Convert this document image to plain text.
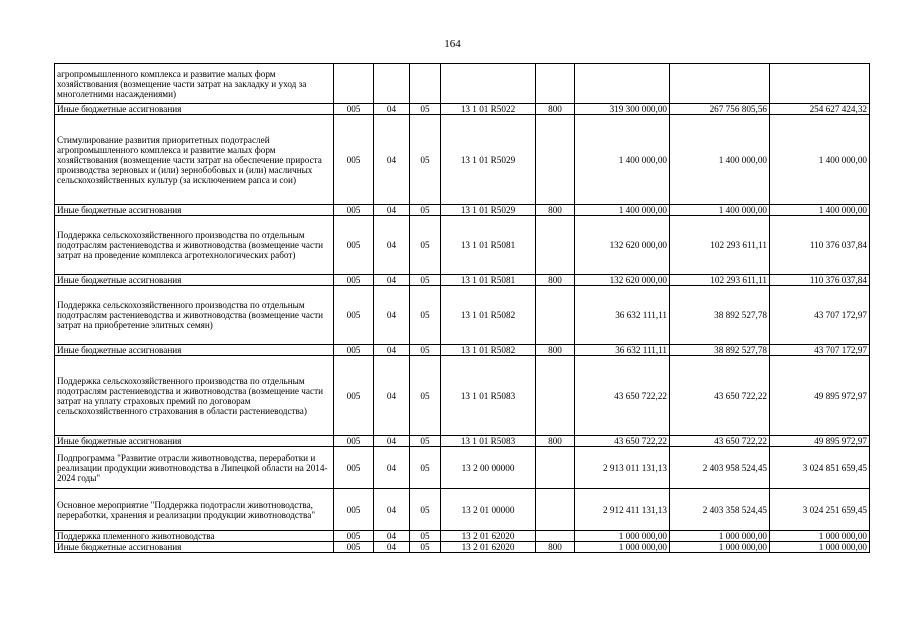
164
агропромышленного комплекса и развитие малых форм хозяйствования (возмещение части затрат на закладку и уход за многолетними насаждениями)								
Иные бюджетные ассигнования	005	04	05	13 1 01 R5022	800	319 300 000,00	267 756 805,56	254 627 424,32
Стимулирование развития приоритетных подотраслей агропромышленного комплекса и развитие малых форм хозяйствования (возмещение части затрат на обеспечение прироста производства зерновых и (или) зернобобовых и (или) масличных сельскохозяйственных культур (за исключением рапса и сои)	005	04	05	13 1 01 R5029		1 400 000,00	1 400 000,00	1 400 000,00
Иные бюджетные ассигнования	005	04	05	13 1 01 R5029	800	1 400 000,00	1 400 000,00	1 400 000,00
Поддержка сельскохозяйственного производства по отдельным подотраслям растениеводства и животноводства (возмещение части затрат на проведение комплекса агротехнологических работ)	005	04	05	13 1 01 R5081		132 620 000,00	102 293 611,11	110 376 037,84
Иные бюджетные ассигнования	005	04	05	13 1 01 R5081	800	132 620 000,00	102 293 611,11	110 376 037,84
Поддержка сельскохозяйственного производства по отдельным подотраслям растениеводства и животноводства (возмещение части затрат на приобретение элитных семян)	005	04	05	13 1 01 R5082		36 632 111,11	38 892 527,78	43 707 172,97
Иные бюджетные ассигнования	005	04	05	13 1 01 R5082	800	36 632 111,11	38 892 527,78	43 707 172,97
Поддержка сельскохозяйственного производства по отдельным подотраслям растениеводства и животноводства (возмещение части затрат на уплату страховых премий по договорам сельскохозяйственного страхования в области растениеводства)	005	04	05	13 1 01 R5083		43 650 722,22	43 650 722,22	49 895 972,97
Иные бюджетные ассигнования	005	04	05	13 1 01 R5083	800	43 650 722,22	43 650 722,22	49 895 972,97
Подпрограмма "Развитие отрасли животноводства, переработки и реализации продукции животноводства в Липецкой области на 2014-2024 годы"	005	04	05	13 2 00 00000		2 913 011 131,13	2 403 958 524,45	3 024 851 659,45
Основное мероприятие "Поддержка подотрасли животноводства, переработки, хранения и реализации продукции животноводства"	005	04	05	13 2 01 00000		2 912 411 131,13	2 403 358 524,45	3 024 251 659,45
Поддержка племенного животноводства	005	04	05	13 2 01 62020		1 000 000,00	1 000 000,00	1 000 000,00
Иные бюджетные ассигнования	005	04	05	13 2 01 62020	800	1 000 000,00	1 000 000,00	1 000 000,00
